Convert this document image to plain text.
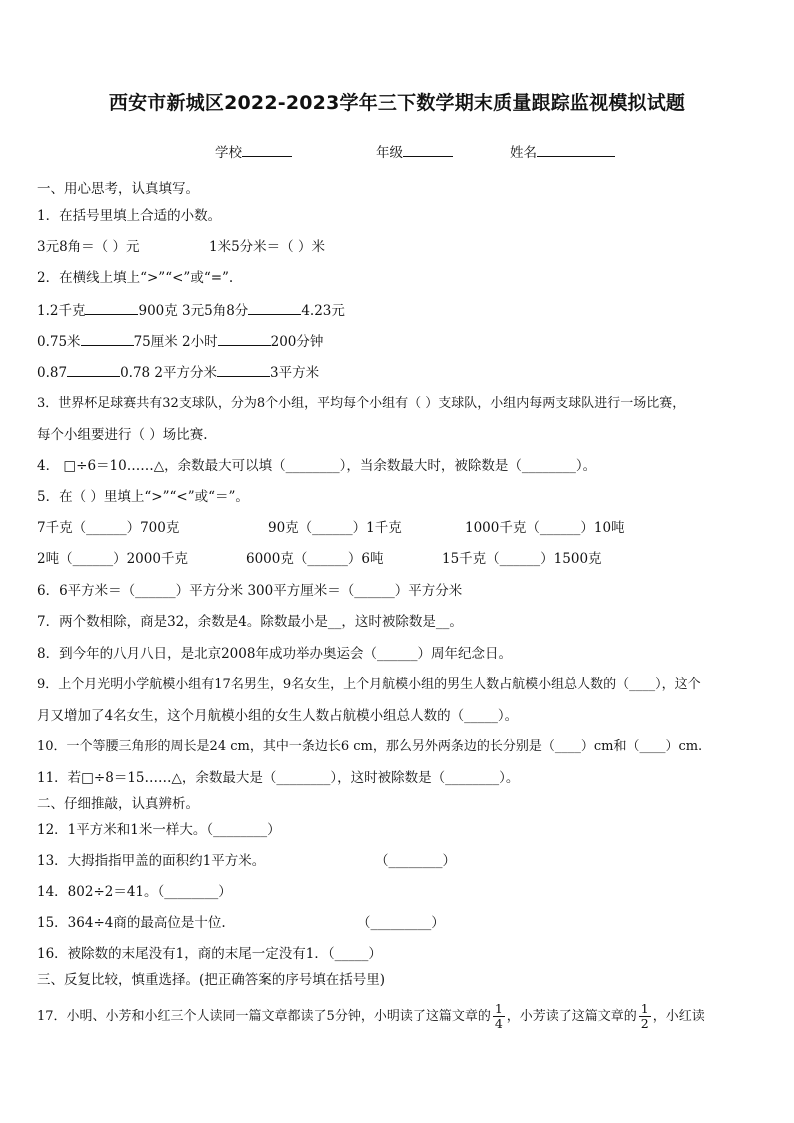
西安市新城区2022-2023学年三下数学期末质量跟踪监视模拟试题
学校	年级	姓名
一、用心思考，认真填写。
1．在括号里填上合适的小数。
3元8角＝（ ）元	1米5分米＝（ ）米
2．在横线上填上“>”“<”或“=”.
1.2千克	900克 3元5角8分	4.23元
0.75米	75厘米 2小时	200分钟
0.87	0.78 2平方分米	3平方米
3．世界杯足球赛共有32支球队，分为8个小组，平均每个小组有（ ）支球队，小组内每两支球队进行一场比赛，
每个小组要进行（ ）场比赛.
4． □÷6＝10……△，余数最大可以填（________），当余数最大时，被除数是（________）。
5．在（ ）里填上“>”“<”或“＝”。
7千克（______）700克	90克（______）1千克	1000千克（______）10吨
2吨（______）2000千克	6000克（______）6吨	15千克（______）1500克
6．6平方米＝（______）平方分米 300平方厘米＝（______）平方分米
7．两个数相除，商是32，余数是4。除数最小是__，这时被除数是__。
8．到今年的八月八日，是北京2008年成功举办奥运会（______）周年纪念日。
9．上个月光明小学航模小组有17名男生，9名女生，上个月航模小组的男生人数占航模小组总人数的（____），这个
月又增加了4名女生，这个月航模小组的女生人数占航模小组总人数的（_____）。
10．一个等腰三角形的周长是24 cm，其中一条边长6 cm，那么另外两条边的长分别是（____）cm和（____）cm.
11．若□÷8＝15……△，余数最大是（________），这时被除数是（________）。
二、仔细推敲，认真辨析。
12．1平方米和1米一样大。（________）
13．大拇指指甲盖的面积约1平方米。	（________）
14．802÷2＝41。（________）
15．364÷4商的最高位是十位.	（_________）
16．被除数的末尾没有1，商的末尾一定没有1．（_____）
三、反复比较，慎重选择。(把正确答案的序号填在括号里)
17．小明、小芳和小红三个人读同一篇文章都读了5分钟，小明读了这篇文章的 $\frac{1}{4}$ ，小芳读了这篇文章的 $\frac{1}{2}$ ，小红读
